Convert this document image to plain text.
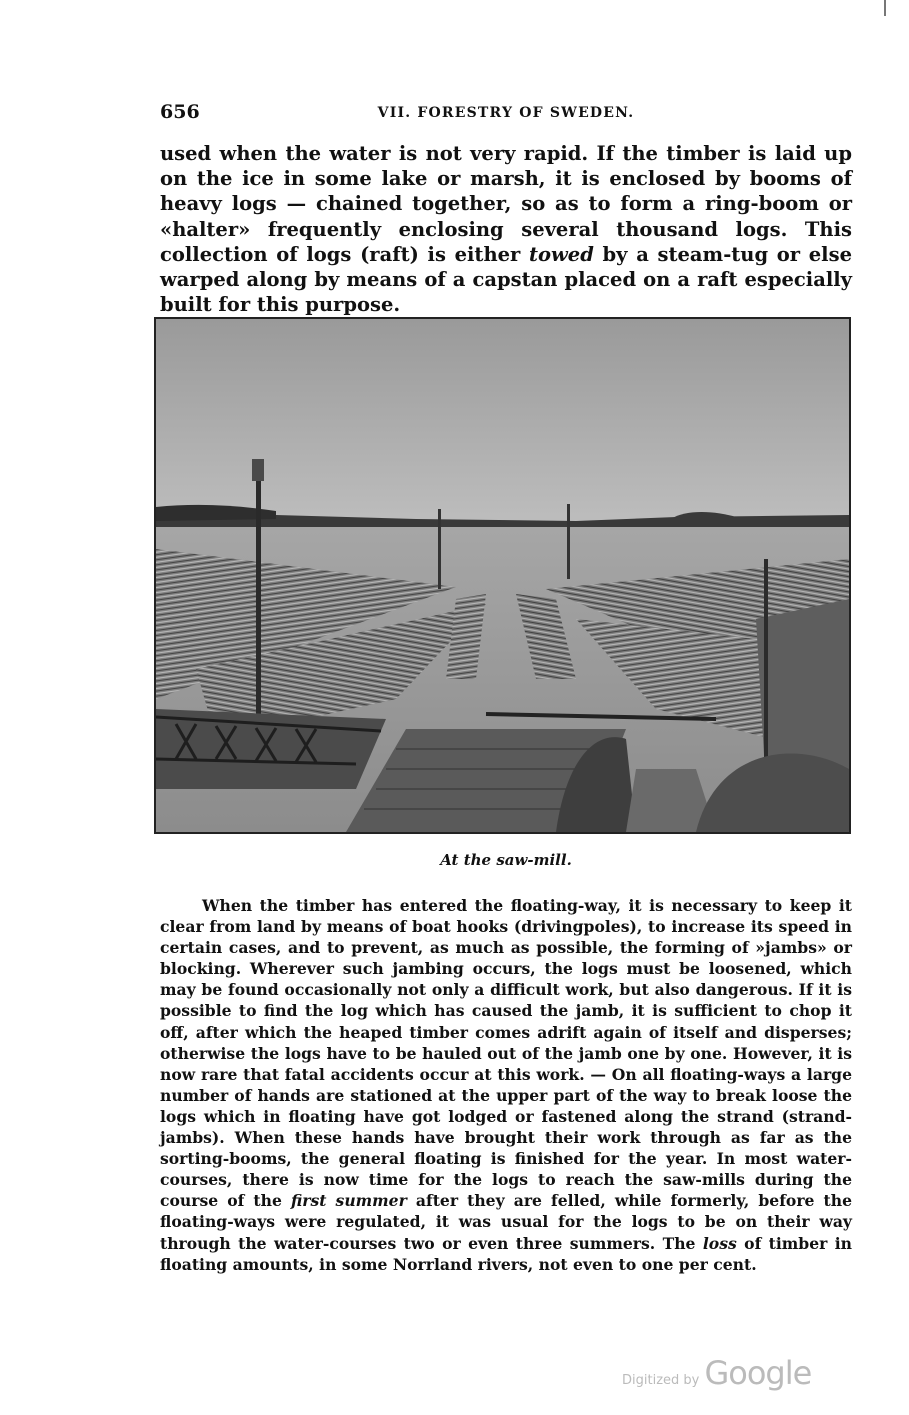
656	VII. FORESTRY OF SWEDEN.
used when the water is not very rapid. If the timber is laid up on the ice in some lake or marsh, it is enclosed by booms of heavy logs — chained together, so as to form a ring-boom or «halter» frequently enclosing several thousand logs. This collection of logs (raft) is either towed by a steam-tug or else warped along by means of a capstan placed on a raft especially built for this purpose.
At the saw-mill.
When the timber has entered the floating-way, it is necessary to keep it clear from land by means of boat hooks (drivingpoles), to increase its speed in certain cases, and to prevent, as much as possible, the forming of »jambs» or blocking. Wherever such jambing occurs, the logs must be loosened, which may be found occasionally not only a difficult work, but also dangerous. If it is possible to find the log which has caused the jamb, it is sufficient to chop it off, after which the heaped timber comes adrift again of itself and disperses; otherwise the logs have to be hauled out of the jamb one by one. However, it is now rare that fatal accidents occur at this work. — On all floating-ways a large number of hands are stationed at the upper part of the way to break loose the logs which in floating have got lodged or fastened along the strand (strand-jambs). When these hands have brought their work through as far as the sorting-booms, the general floating is finished for the year. In most water-courses, there is now time for the logs to reach the saw-mills during the course of the first summer after they are felled, while formerly, before the floating-ways were regulated, it was usual for the logs to be on their way through the water-courses two or even three summers. The loss of timber in floating amounts, in some Norrland rivers, not even to one per cent.
Digitized by Google
